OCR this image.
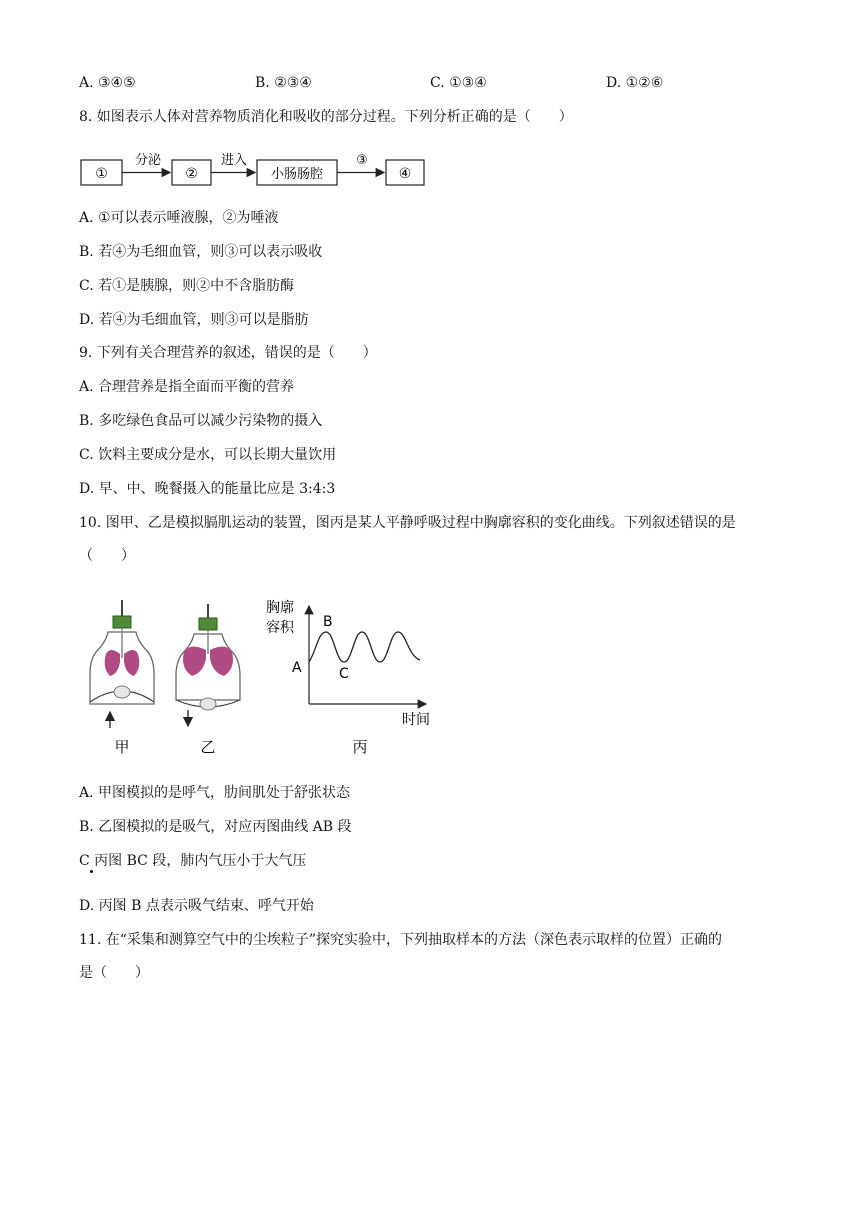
A. ③④⑤	B. ②③④	C. ①③④	D. ①②⑥
8. 如图表示人体对营养物质消化和吸收的部分过程。下列分析正确的是（　　）
①
分泌
②
进入
小肠肠腔
③
④
A. ①可以表示唾液腺，②为唾液
B. 若④为毛细血管，则③可以表示吸收
C. 若①是胰腺，则②中不含脂肪酶
D. 若④为毛细血管，则③可以是脂肪
9. 下列有关合理营养的叙述，错误的是（　　）
A. 合理营养是指全面而平衡的营养
B. 多吃绿色食品可以减少污染物的摄入
C. 饮料主要成分是水，可以长期大量饮用
D. 早、中、晚餐摄入的能量比应是 3:4:3
10. 图甲、乙是模拟膈肌运动的装置，图丙是某人平静呼吸过程中胸廓容积的变化曲线。下列叙述错误的是
（　　）
胸廓
容积
时间
A
B
C
甲	乙	丙
A. 甲图模拟的是呼气，肋间肌处于舒张状态
B. 乙图模拟的是吸气，对应丙图曲线 AB 段
C 丙图 BC 段，肺内气压小于大气压
D. 丙图 B 点表示吸气结束、呼气开始
11. 在“采集和测算空气中的尘埃粒子”探究实验中，下列抽取样本的方法（深色表示取样的位置）正确的
是（　　）
